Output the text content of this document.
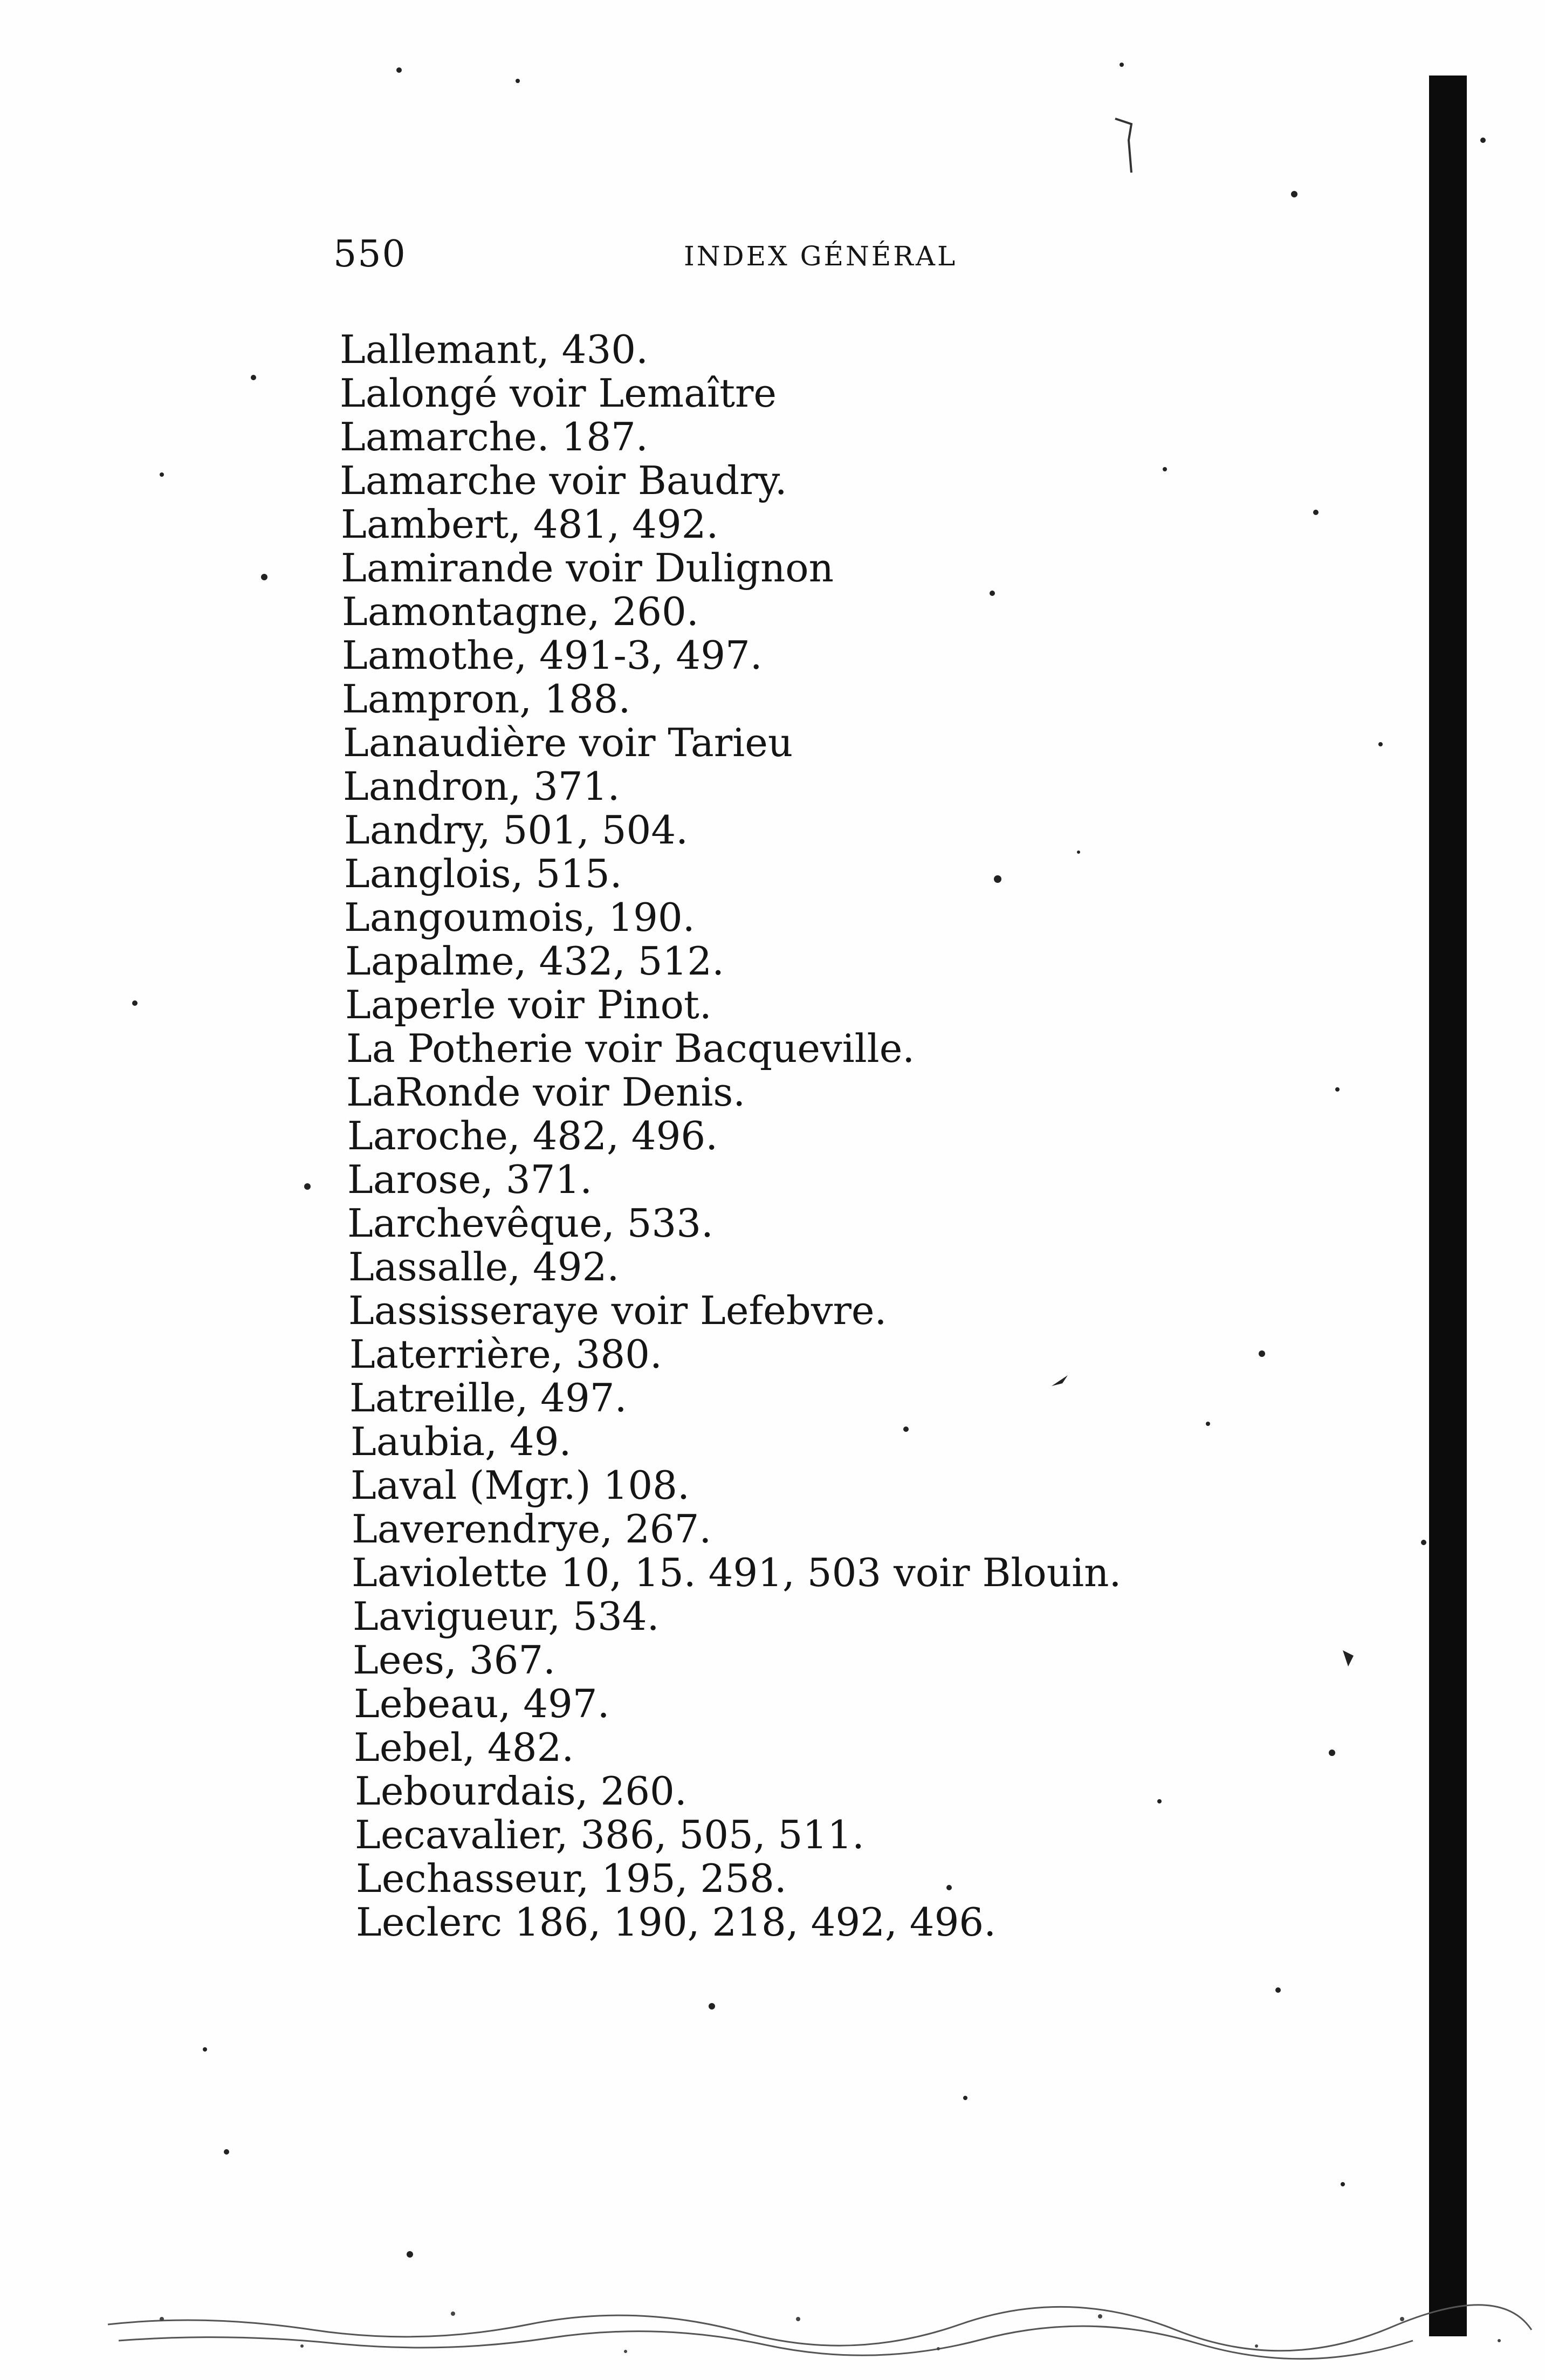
550	INDEX GÉNÉRAL
Lallemant, 430.
Lalongé voir Lemaître
Lamarche. 187.
Lamarche voir Baudry.
Lambert, 481, 492.
Lamirande voir Dulignon
Lamontagne, 260.
Lamothe, 491-3, 497.
Lampron, 188.
Lanaudière voir Tarieu
Landron, 371.
Landry, 501, 504.
Langlois, 515.
Langoumois, 190.
Lapalme, 432, 512.
Laperle voir Pinot.
La Potherie voir Bacqueville.
LaRonde voir Denis.
Laroche, 482, 496.
Larose, 371.
Larchevêque, 533.
Lassalle, 492.
Lassisseraye voir Lefebvre.
Laterrière, 380.
Latreille, 497.
Laubia, 49.
Laval (Mgr.) 108.
Laverendrye, 267.
Laviolette 10, 15. 491, 503 voir Blouin.
Lavigueur, 534.
Lees, 367.
Lebeau, 497.
Lebel, 482.
Lebourdais, 260.
Lecavalier, 386, 505, 511.
Lechasseur, 195, 258.
Leclerc 186, 190, 218, 492, 496.
